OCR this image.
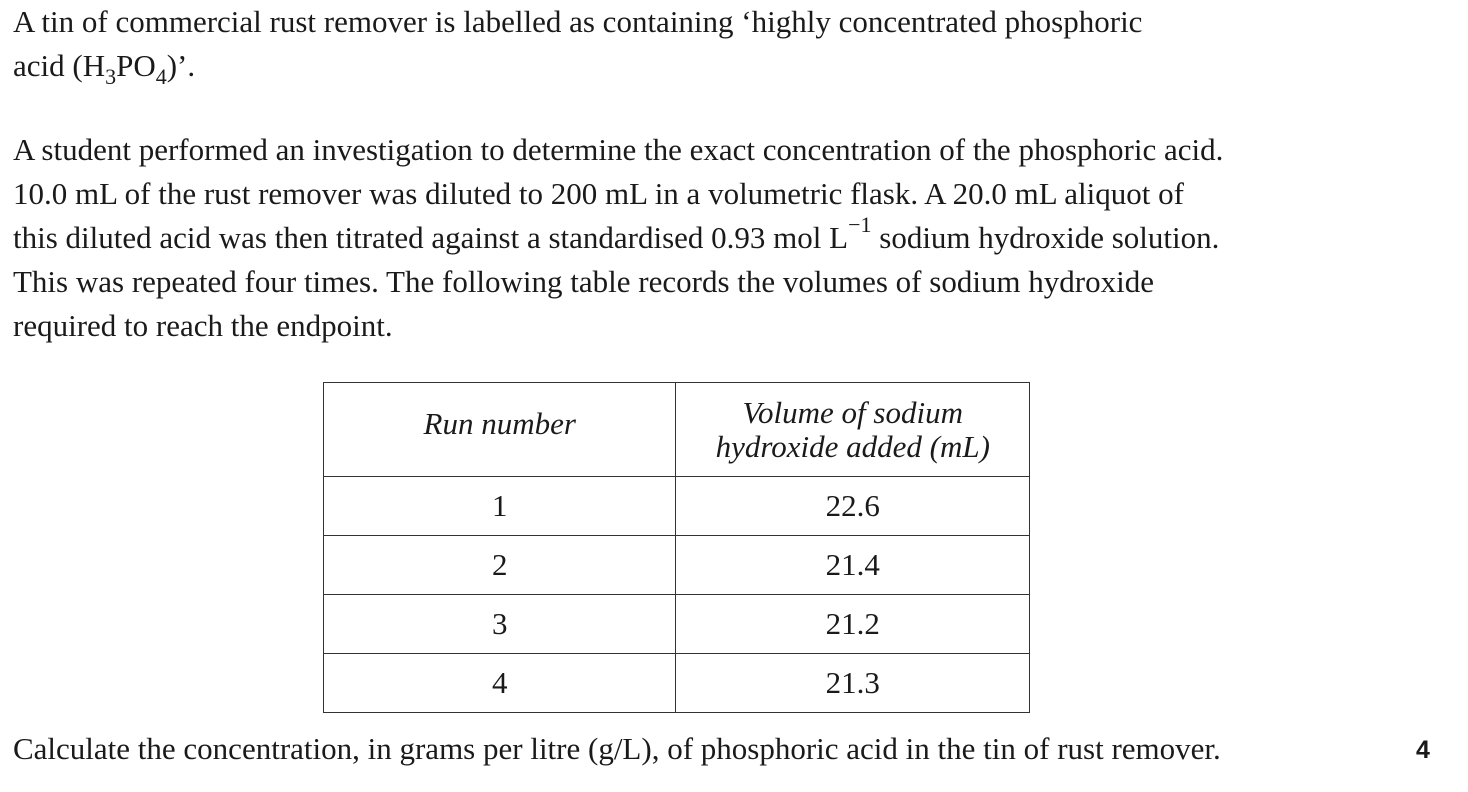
A tin of commercial rust remover is labelled as containing ‘highly concentrated phosphoric
acid $(H_3PO_4)$’.

A student performed an investigation to determine the exact concentration of the phosphoric acid.
10.0 mL of the rust remover was diluted to 200 mL in a volumetric flask. A 20.0 mL aliquot of
this diluted acid was then titrated against a standardised 0.93 mol $L^{-1}$ sodium hydroxide solution.
This was repeated four times. The following table records the volumes of sodium hydroxide
required to reach the endpoint.

Run number	Volume of sodium
hydroxide added (mL)

1	22.6
2	21.4
3	21.2
4	21.3

Calculate the concentration, in grams per litre (g/L), of phosphoric acid in the tin of rust remover.	4
